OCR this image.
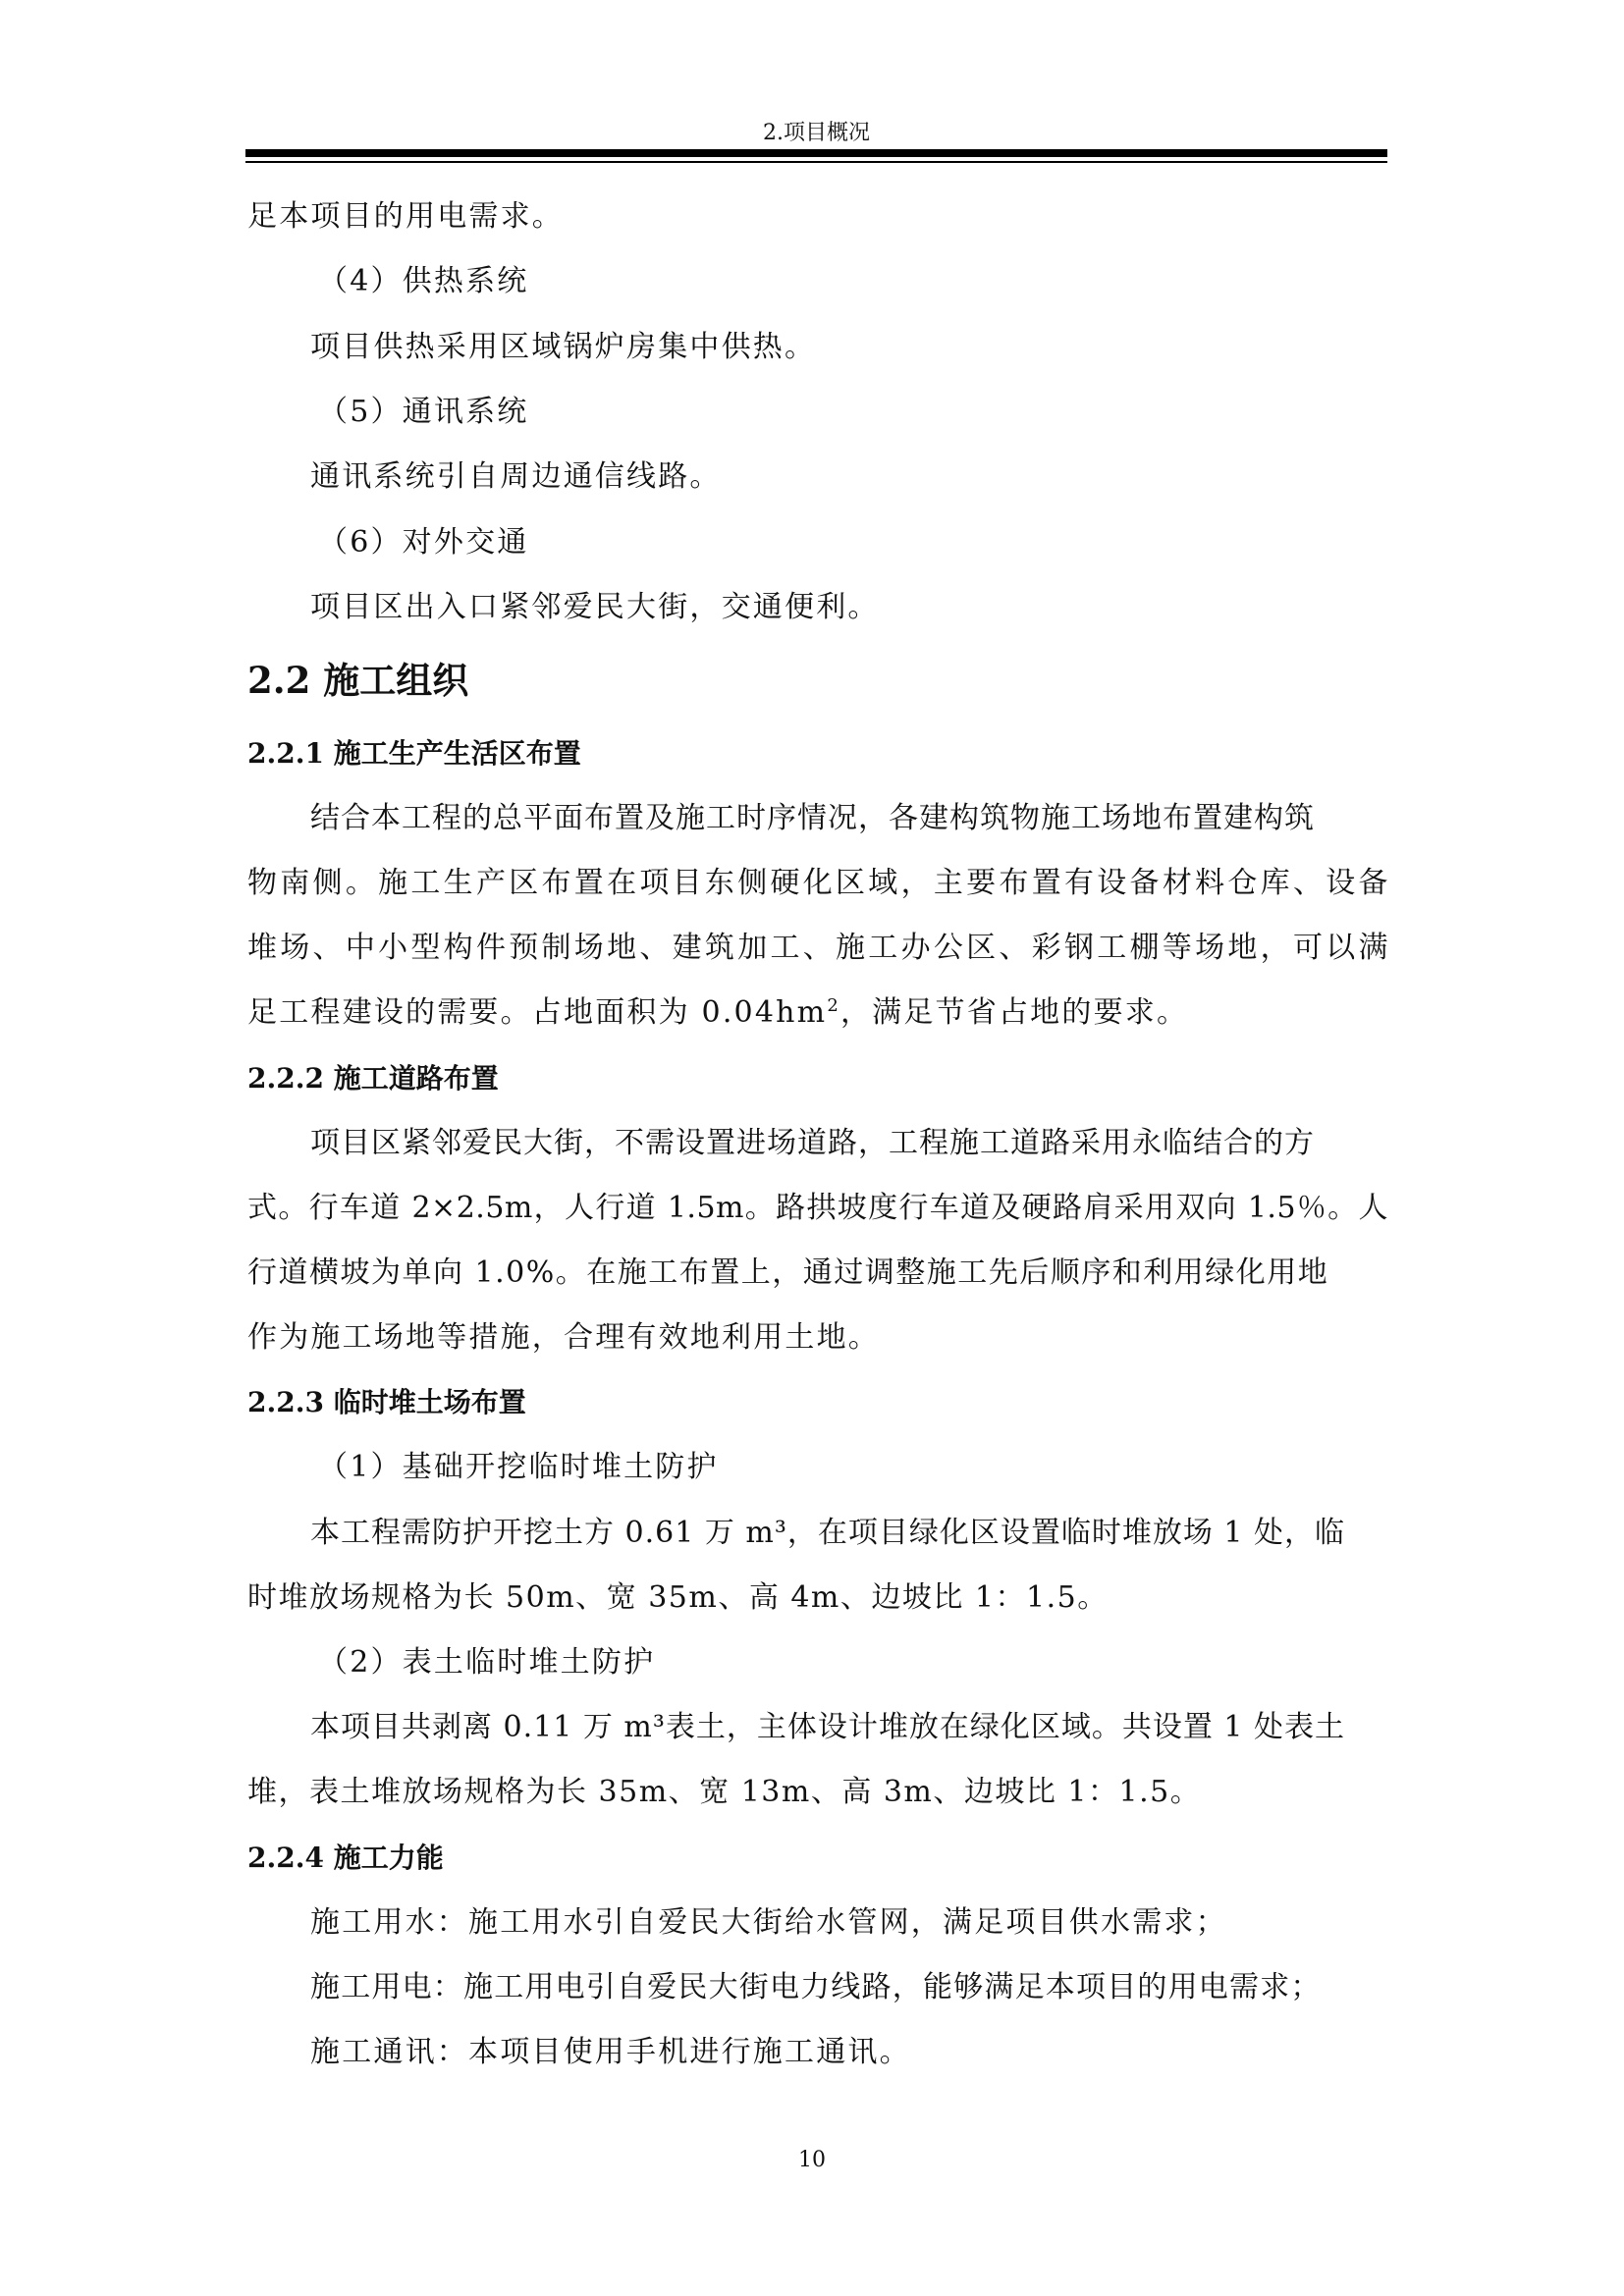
2.项目概况
足本项目的用电需求。
（4）供热系统
项目供热采用区域锅炉房集中供热。
（5）通讯系统
通讯系统引自周边通信线路。
（6）对外交通
项目区出入口紧邻爱民大街，交通便利。
2.2 施工组织
2.2.1 施工生产生活区布置
结合本工程的总平面布置及施工时序情况，各建构筑物施工场地布置建构筑
物南侧。施工生产区布置在项目东侧硬化区域，主要布置有设备材料仓库、设备
堆场、中小型构件预制场地、建筑加工、施工办公区、彩钢工棚等场地，可以满
足工程建设的需要。占地面积为 $0.04hm^2$，满足节省占地的要求。
2.2.2 施工道路布置
项目区紧邻爱民大街，不需设置进场道路，工程施工道路采用永临结合的方
式。行车道 2×2.5m，人行道 1.5m。路拱坡度行车道及硬路肩采用双向 1.5％。人
行道横坡为单向 1.0%。在施工布置上，通过调整施工先后顺序和利用绿化用地
作为施工场地等措施，合理有效地利用土地。
2.2.3 临时堆土场布置
（1）基础开挖临时堆土防护
本工程需防护开挖土方 0.61 万 m³，在项目绿化区设置临时堆放场 1 处，临
时堆放场规格为长 50m、宽 35m、高 4m、边坡比 1：1.5。
（2）表土临时堆土防护
本项目共剥离 0.11 万 m³表土，主体设计堆放在绿化区域。共设置 1 处表土
堆，表土堆放场规格为长 35m、宽 13m、高 3m、边坡比 1：1.5。
2.2.4 施工力能
施工用水：施工用水引自爱民大街给水管网，满足项目供水需求；
施工用电：施工用电引自爱民大街电力线路，能够满足本项目的用电需求；
施工通讯：本项目使用手机进行施工通讯。
10
